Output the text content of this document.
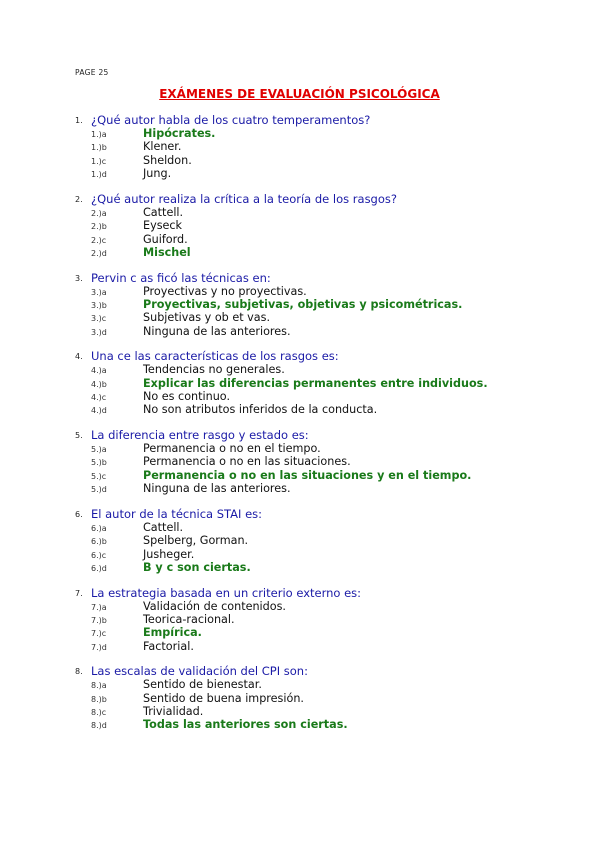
PAGE 25
EXÁMENES DE EVALUACIÓN PSICOLÓGICA
1. ¿Qué autor habla de los cuatro temperamentos?
1.)a	Hipócrates.
1.)b	Klener.
1.)c	Sheldon.
1.)d	Jung.
2. ¿Qué autor realiza la crítica a la teoría de los rasgos?
2.)a	Cattell.
2.)b	Eyseck
2.)c	Guiford.
2.)d	Mischel
3. Pervin c as ficó las técnicas en:
3.)a	Proyectivas y no proyectivas.
3.)b	Proyectivas, subjetivas, objetivas y psicométricas.
3.)c	Subjetivas y ob et vas.
3.)d	Ninguna de las anteriores.
4. Una ce las características de los rasgos es:
4.)a	Tendencias no generales.
4.)b	Explicar las diferencias permanentes entre individuos.
4.)c	No es continuo.
4.)d	No son atributos inferidos de la conducta.
5. La diferencia entre rasgo y estado es:
5.)a	Permanencia o no en el tiempo.
5.)b	Permanencia o no en las situaciones.
5.)c	Permanencia o no en las situaciones y en el tiempo.
5.)d	Ninguna de las anteriores.
6. El autor de la técnica STAI es:
6.)a	Cattell.
6.)b	Spelberg, Gorman.
6.)c	Jusheger.
6.)d	B y c son ciertas.
7. La estrategia basada en un criterio externo es:
7.)a	Validación de contenidos.
7.)b	Teorica-racional.
7.)c	Empírica.
7.)d	Factorial.
8. Las escalas de validación del CPI son:
8.)a	Sentido de bienestar.
8.)b	Sentido de buena impresión.
8.)c	Trivialidad.
8.)d	Todas las anteriores son ciertas.
